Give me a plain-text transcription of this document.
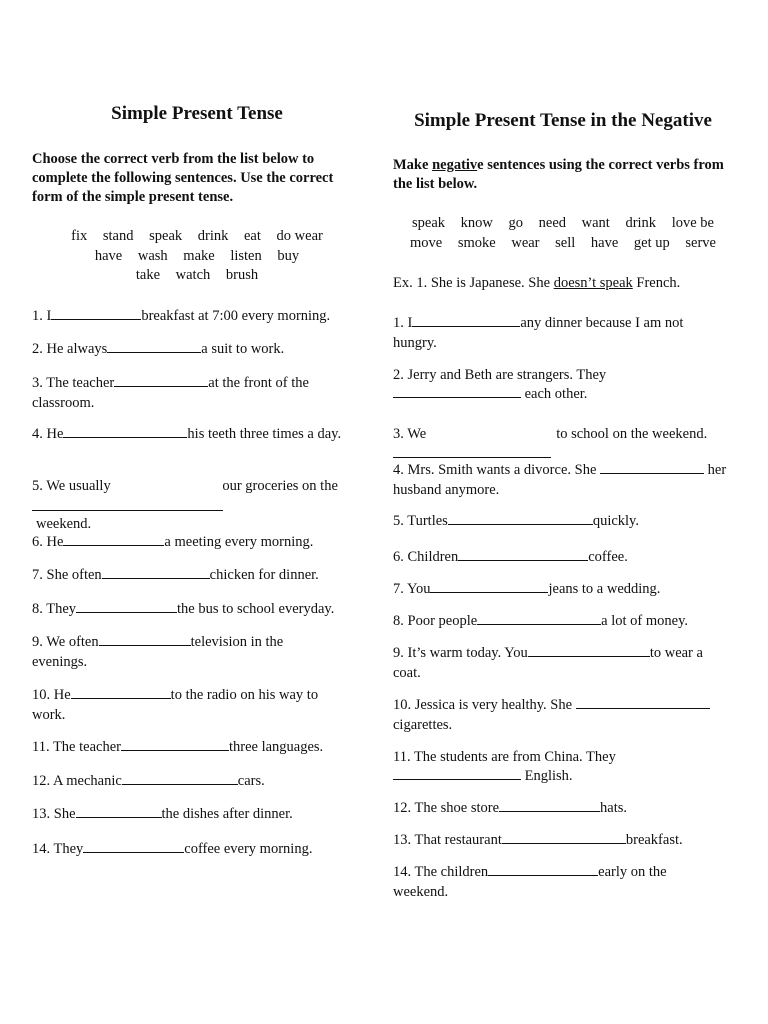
Simple Present Tense

Choose the correct verb from the list below to complete the following sentences. Use the correct form of the simple present tense.

fix stand speak drink eat do wear
have wash make listen buy
take watch brush
1. I	breakfast at 7:00 every morning.
2. He always	a suit to work.
3. The teacher	at the front of the classroom.
4. He	his teeth three times a day.
5. We usually	our groceries on the
weekend.
6. He	a meeting every morning.
7. She often	chicken for dinner.
8. They	the bus to school everyday.
9. We often	television in the evenings.
10. He	to the radio on his way to work.
11. The teacher	three languages.
12. A mechanic	cars.
13. She	the dishes after dinner.
14. They	coffee every morning.
Simple Present Tense in the Negative

Make negative sentences using the correct verbs from the list below.

speak know go need want drink love be
move smoke wear sell have get up serve
Ex. 1. She is Japanese. She doesn’t speak French.
1. I	any dinner because I am not hungry.
2. Jerry and Beth are strangers. They
each other.
3. We	to school on the weekend.
4. Mrs. Smith wants a divorce. She	her husband anymore.
5. Turtles	quickly.
6. Children	coffee.
7. You	jeans to a wedding.
8. Poor people	a lot of money.
9. It’s warm today. You	to wear a coat.
10. Jessica is very healthy. She  cigarettes.
11. The students are from China. They
English.
12. The shoe store	hats.
13. That restaurant	breakfast.
14. The children	early on the weekend.
